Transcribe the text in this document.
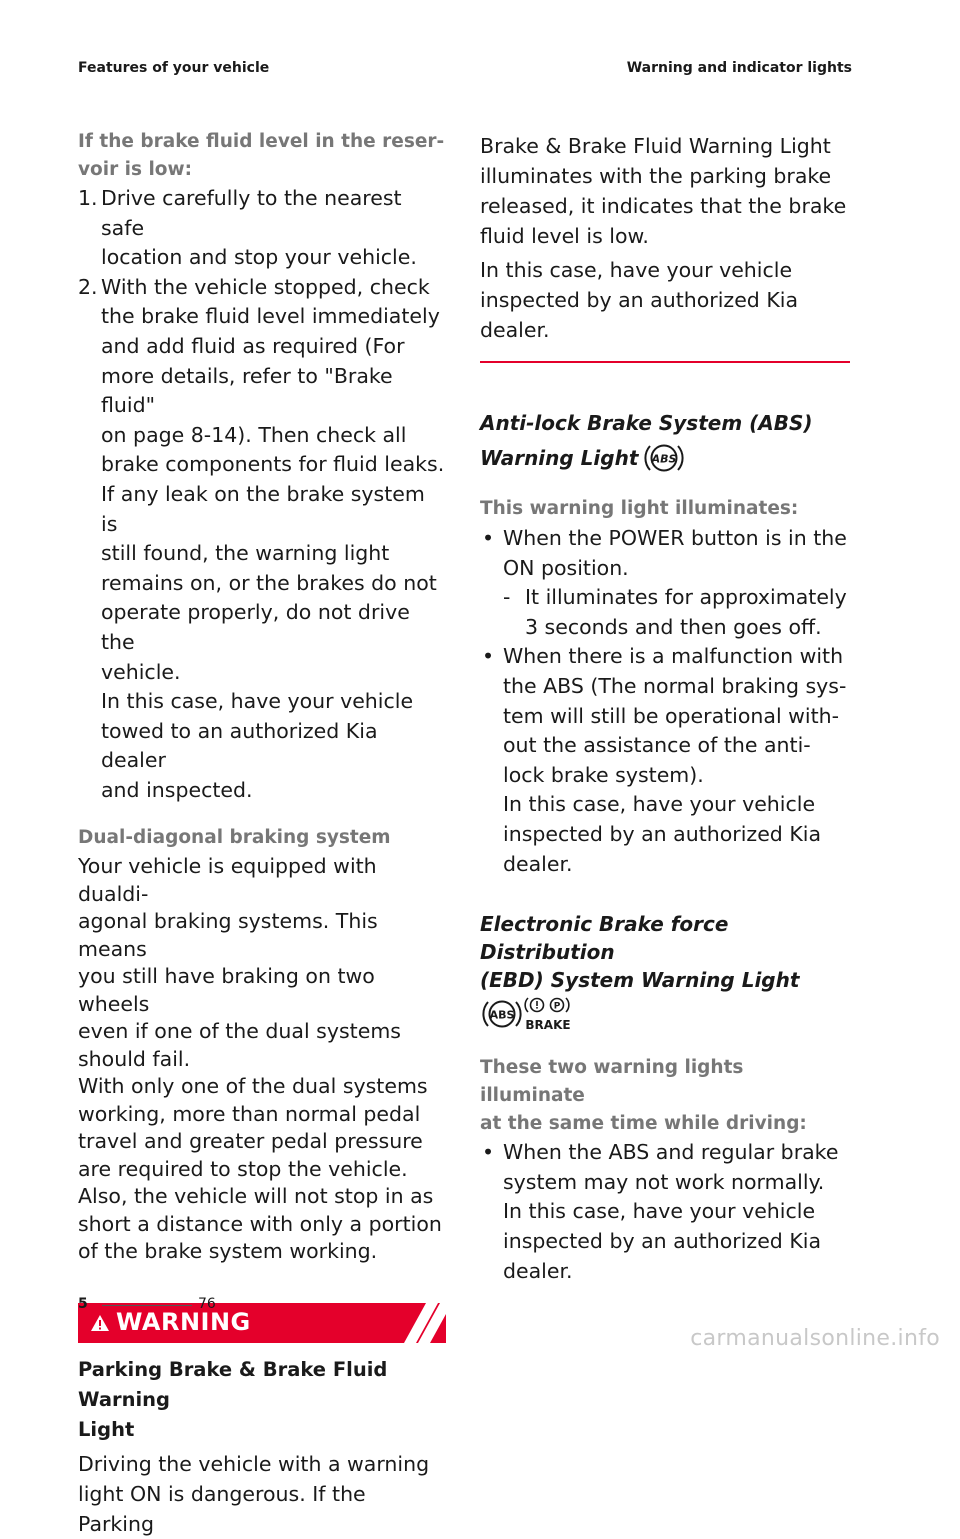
Features of your vehicle	Warning and indicator lights
If the brake fluid level in the reser-
voir is low:
1. Drive carefully to the nearest safe
location and stop your vehicle.
2. With the vehicle stopped, check
the brake fluid level immediately
and add fluid as required (For
more details, refer to "Brake fluid"
on page 8-14). Then check all
brake components for fluid leaks.
If any leak on the brake system is
still found, the warning light
remains on, or the brakes do not
operate properly, do not drive the
vehicle.
In this case, have your vehicle
towed to an authorized Kia dealer
and inspected.
Dual-diagonal braking system
Your vehicle is equipped with dualdi-
agonal braking systems. This means
you still have braking on two wheels
even if one of the dual systems
should fail.
With only one of the dual systems
working, more than normal pedal
travel and greater pedal pressure
are required to stop the vehicle.
Also, the vehicle will not stop in as
short a distance with only a portion
of the brake system working.
WARNING
Parking Brake & Brake Fluid Warning
Light
Driving the vehicle with a warning
light ON is dangerous. If the Parking
Brake & Brake Fluid Warning Light
illuminates with the parking brake
released, it indicates that the brake
fluid level is low.
In this case, have your vehicle
inspected by an authorized Kia
dealer.
Anti-lock Brake System (ABS)
Warning Light ABS
This warning light illuminates:
• When the POWER button is in the
ON position.
- It illuminates for approximately
3 seconds and then goes off.
• When there is a malfunction with
the ABS (The normal braking sys-
tem will still be operational with-
out the assistance of the anti-
lock brake system).
In this case, have your vehicle
inspected by an authorized Kia
dealer.
Electronic Brake force Distribution
(EBD) System Warning Light
ABS
P
BRAKE
These two warning lights illuminate
at the same time while driving:
• When the ABS and regular brake
system may not work normally.
In this case, have your vehicle
inspected by an authorized Kia
dealer.
5	76
carmanualsonline.info
